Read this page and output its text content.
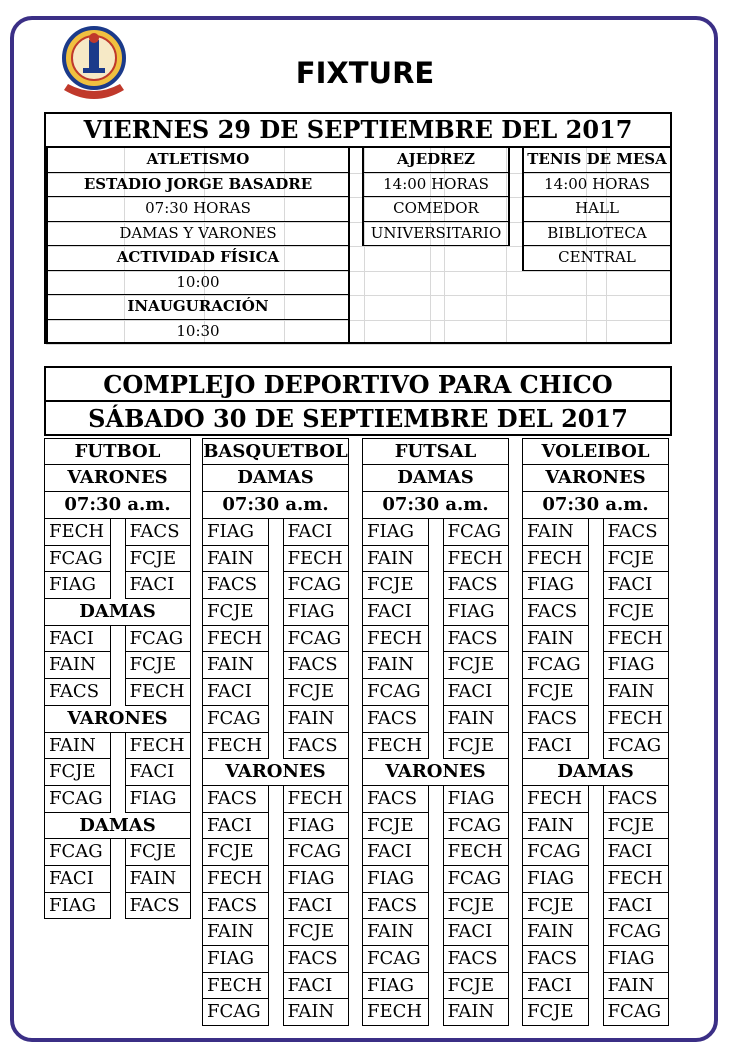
FIXTURE
VIERNES 29 DE SEPTIEMBRE DEL 2017
ATLETISMO
ESTADIO JORGE BASADRE
07:30 HORAS
DAMAS Y VARONES
ACTIVIDAD FÍSICA
10:00
INAUGURACIÓN
10:30
AJEDREZ
14:00 HORAS
COMEDOR
UNIVERSITARIO
TENIS DE MESA
14:00 HORAS
HALL
BIBLIOTECA
CENTRAL
COMPLEJO DEPORTIVO PARA CHICO
SÁBADO 30 DE SEPTIEMBRE DEL 2017
FUTBOL
VARONES
07:30 a.m.
FECH	FACS
FCAG	FCJE
FIAG	FACI
DAMAS
FACI	FCAG
FAIN	FCJE
FACS	FECH
VARONES
FAIN	FECH
FCJE	FACI
FCAG	FIAG
DAMAS
FCAG	FCJE
FACI	FAIN
FIAG	FACS
BASQUETBOL
DAMAS
07:30 a.m.
FIAG	FACI
FAIN	FECH
FACS	FCAG
FCJE	FIAG
FECH	FCAG
FAIN	FACS
FACI	FCJE
FCAG	FAIN
FECH	FACS
VARONES
FACS	FECH
FACI	FIAG
FCJE	FCAG
FECH	FIAG
FACS	FACI
FAIN	FCJE
FIAG	FACS
FECH	FACI
FCAG	FAIN
FUTSAL
DAMAS
07:30 a.m.
FIAG	FCAG
FAIN	FECH
FCJE	FACS
FACI	FIAG
FECH	FACS
FAIN	FCJE
FCAG	FACI
FACS	FAIN
FECH	FCJE
VARONES
FACS	FIAG
FCJE	FCAG
FACI	FECH
FIAG	FCAG
FACS	FCJE
FAIN	FACI
FCAG	FACS
FIAG	FCJE
FECH	FAIN
VOLEIBOL
VARONES
07:30 a.m.
FAIN	FACS
FECH	FCJE
FIAG	FACI
FACS	FCJE
FAIN	FECH
FCAG	FIAG
FCJE	FAIN
FACS	FECH
FACI	FCAG
DAMAS
FECH	FACS
FAIN	FCJE
FCAG	FACI
FIAG	FECH
FCJE	FACI
FAIN	FCAG
FACS	FIAG
FACI	FAIN
FCJE	FCAG
